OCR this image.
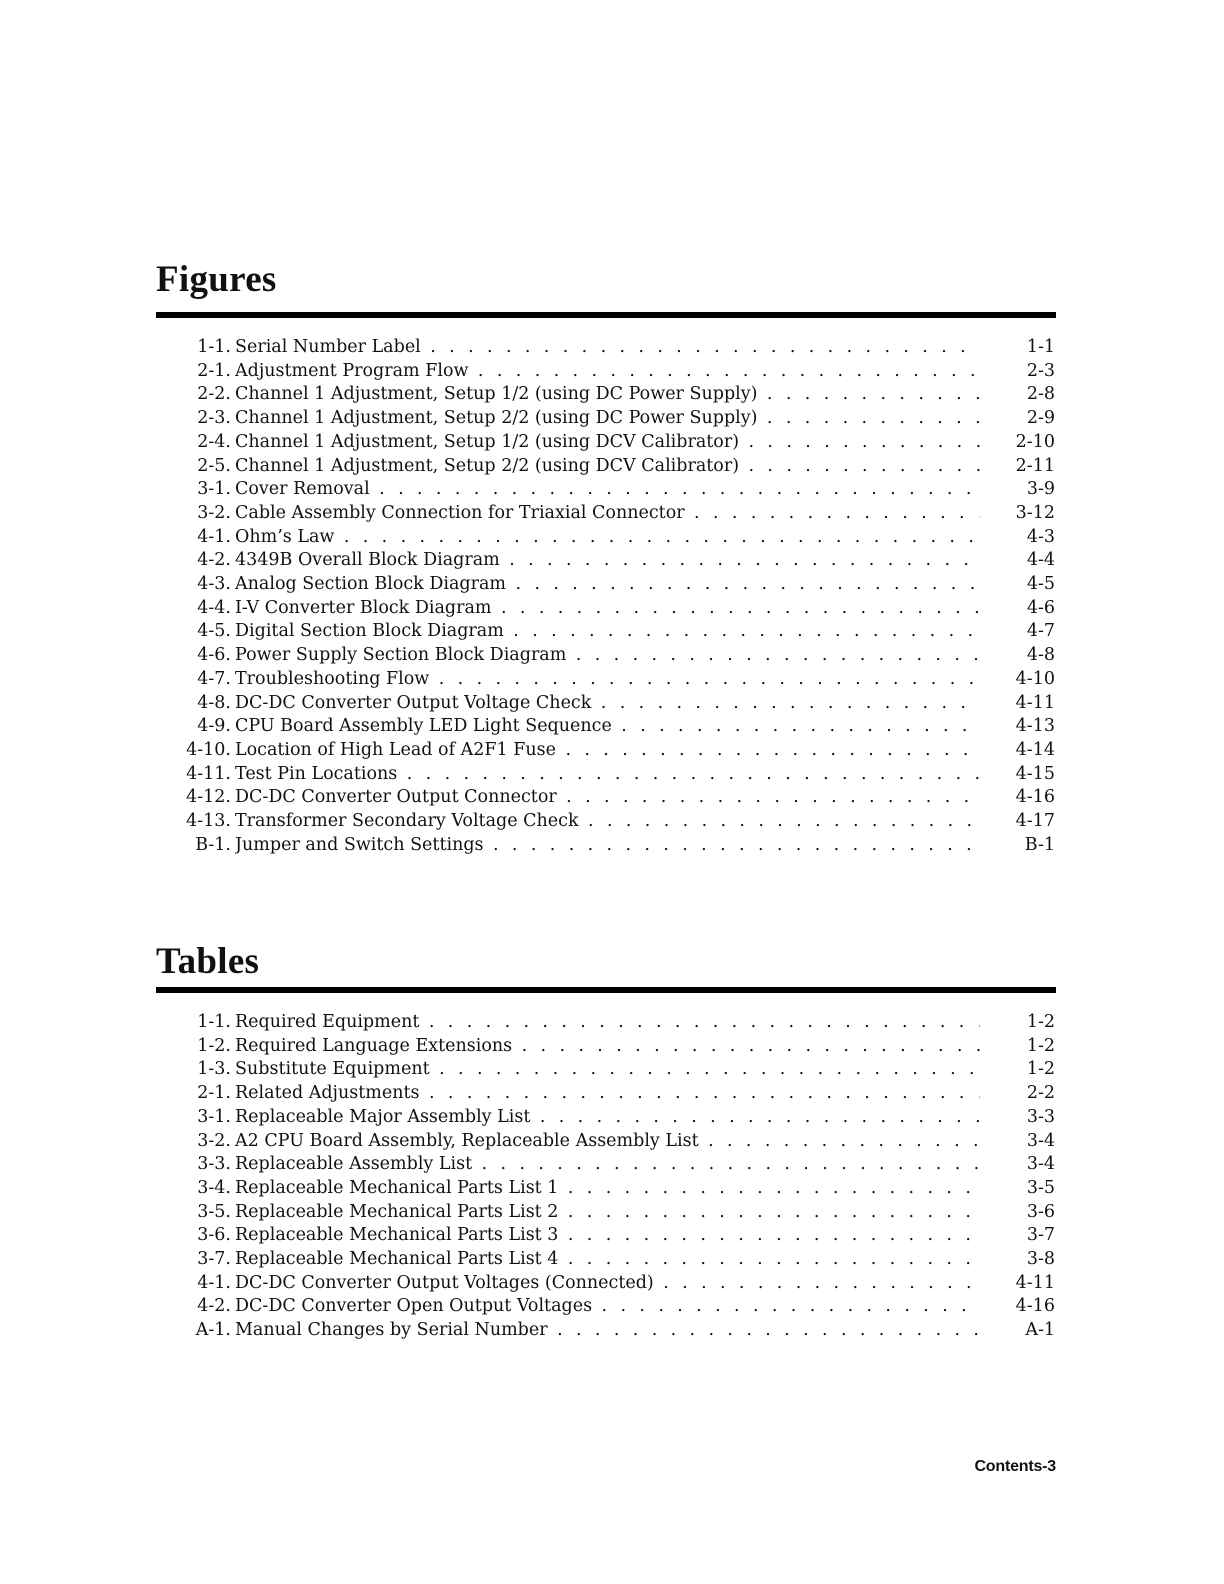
Figures
1-1. Serial Number Label . . .	1-1
2-1. Adjustment Program Flow . . .	2-3
2-2. Channel 1 Adjustment, Setup 1/2 (using DC Power Supply) . . .	2-8
2-3. Channel 1 Adjustment, Setup 2/2 (using DC Power Supply) . . .	2-9
2-4. Channel 1 Adjustment, Setup 1/2 (using DCV Calibrator) . . .	2-10
2-5. Channel 1 Adjustment, Setup 2/2 (using DCV Calibrator) . . .	2-11
3-1. Cover Removal . . .	3-9
3-2. Cable Assembly Connection for Triaxial Connector . . .	3-12
4-1. Ohm’s Law . . .	4-3
4-2. 4349B Overall Block Diagram . . .	4-4
4-3. Analog Section Block Diagram . . .	4-5
4-4. I-V Converter Block Diagram . . .	4-6
4-5. Digital Section Block Diagram . . .	4-7
4-6. Power Supply Section Block Diagram . . .	4-8
4-7. Troubleshooting Flow . . .	4-10
4-8. DC-DC Converter Output Voltage Check . . .	4-11
4-9. CPU Board Assembly LED Light Sequence . . .	4-13
4-10. Location of High Lead of A2F1 Fuse . . .	4-14
4-11. Test Pin Locations . . .	4-15
4-12. DC-DC Converter Output Connector . . .	4-16
4-13. Transformer Secondary Voltage Check . . .	4-17
B-1. Jumper and Switch Settings . . .	B-1
Tables
1-1. Required Equipment . . .	1-2
1-2. Required Language Extensions . . .	1-2
1-3. Substitute Equipment . . .	1-2
2-1. Related Adjustments . . .	2-2
3-1. Replaceable Major Assembly List . . .	3-3
3-2. A2 CPU Board Assembly, Replaceable Assembly List . . .	3-4
3-3. Replaceable Assembly List . . .	3-4
3-4. Replaceable Mechanical Parts List 1 . . .	3-5
3-5. Replaceable Mechanical Parts List 2 . . .	3-6
3-6. Replaceable Mechanical Parts List 3 . . .	3-7
3-7. Replaceable Mechanical Parts List 4 . . .	3-8
4-1. DC-DC Converter Output Voltages (Connected) . . .	4-11
4-2. DC-DC Converter Open Output Voltages . . .	4-16
A-1. Manual Changes by Serial Number . . .	A-1
Contents-3
